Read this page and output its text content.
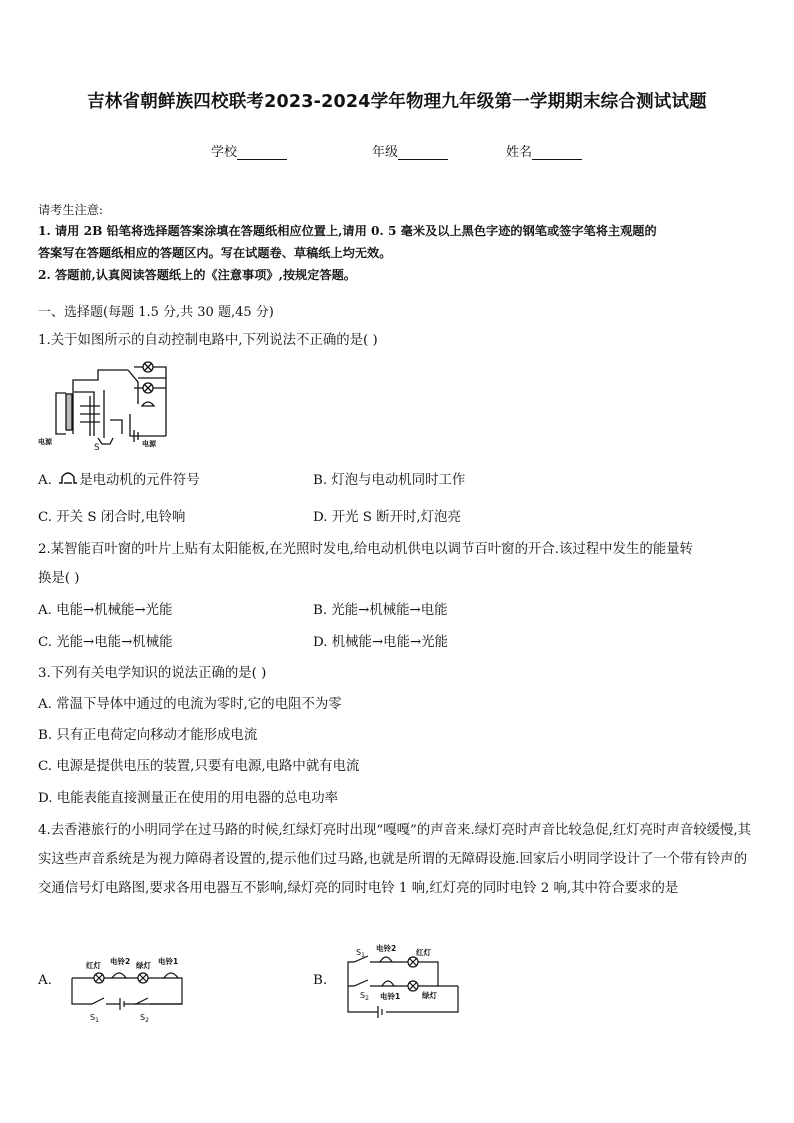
吉林省朝鲜族四校联考2023-2024学年物理九年级第一学期期末综合测试试题
学校	年级	姓名
请考生注意:
1. 请用 2B 铅笔将选择题答案涂填在答题纸相应位置上,请用 0. 5 毫米及以上黑色字迹的钢笔或签字笔将主观题的
答案写在答题纸相应的答题区内。写在试题卷、草稿纸上均无效。
2. 答题前,认真阅读答题纸上的《注意事项》,按规定答题。
一、选择题(每题 1.5 分,共 30 题,45 分)
1.关于如图所示的自动控制电路中,下列说法不正确的是( )
电源
S	电源
A. 是电动机的元件符号	B. 灯泡与电动机同时工作
C. 开关 S 闭合时,电铃响	D. 开光 S 断开时,灯泡亮
2.某智能百叶窗的叶片上贴有太阳能板,在光照时发电,给电动机供电以调节百叶窗的开合.该过程中发生的能量转
换是( )
A. 电能→机械能→光能	B. 光能→机械能→电能
C. 光能→电能→机械能	D. 机械能→电能→光能
3.下列有关电学知识的说法正确的是( )
A. 常温下导体中通过的电流为零时,它的电阻不为零
B. 只有正电荷定向移动才能形成电流
C. 电源是提供电压的装置,只要有电源,电路中就有电流
D. 电能表能直接测量正在使用的用电器的总电功率
4.去香港旅行的小明同学在过马路的时候,红绿灯亮时出现“嘎嘎”的声音来.绿灯亮时声音比较急促,红灯亮时声音较缓慢,其实这些声音系统是为视力障碍者设置的,提示他们过马路,也就是所谓的无障碍设施.回家后小明同学设计了一个带有铃声的交通信号灯电路图,要求各用电器互不影响,绿灯亮的同时电铃 1 响,红灯亮的同时电铃 2 响,其中符合要求的是
A.
红灯 电铃2 绿灯 电铃1
$S_1$	$S_2$
B.
电铃2	红灯
$S_1$
$S_2$ 电铃1	绿灯
